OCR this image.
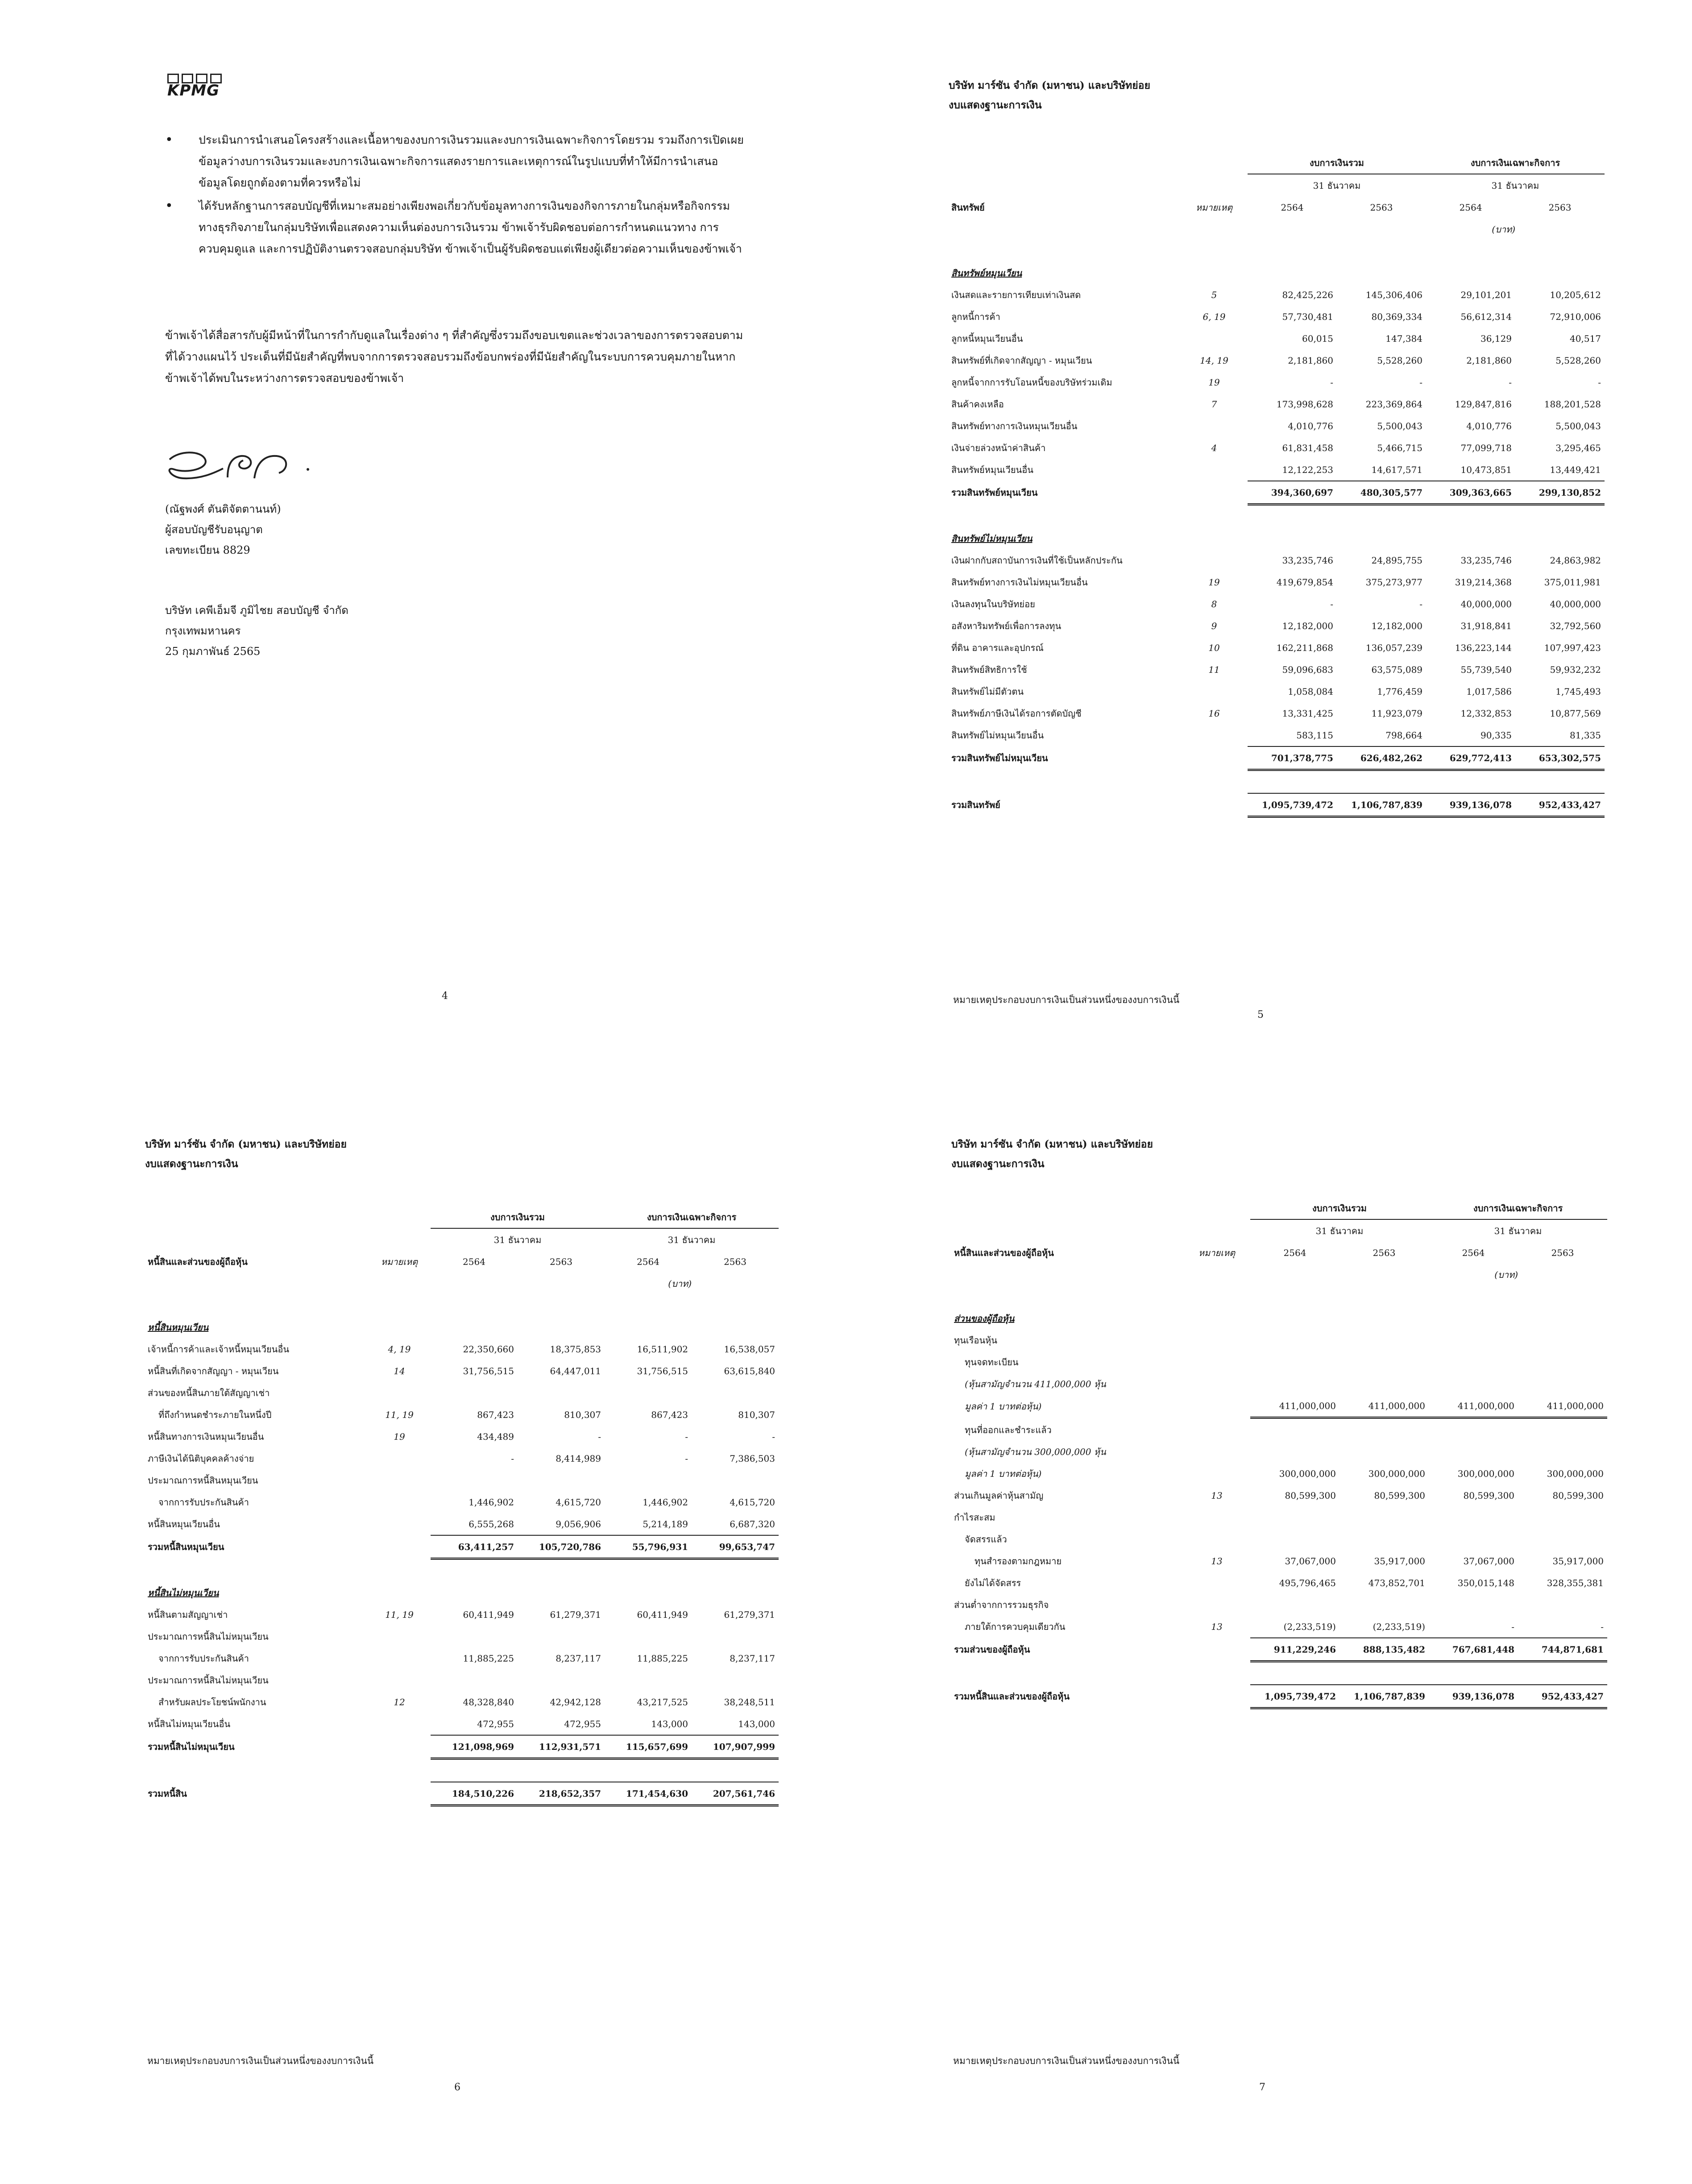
KPMG
• ประเมินการนำเสนอโครงสร้างและเนื้อหาของงบการเงินรวมและงบการเงินเฉพาะกิจการโดยรวม รวมถึงการเปิดเผยข้อมูลว่างบการเงินรวมและงบการเงินเฉพาะกิจการแสดงรายการและเหตุการณ์ในรูปแบบที่ทำให้มีการนำเสนอข้อมูลโดยถูกต้องตามที่ควรหรือไม่
• ได้รับหลักฐานการสอบบัญชีที่เหมาะสมอย่างเพียงพอเกี่ยวกับข้อมูลทางการเงินของกิจการภายในกลุ่มหรือกิจกรรมทางธุรกิจภายในกลุ่มบริษัทเพื่อแสดงความเห็นต่องบการเงินรวม ข้าพเจ้ารับผิดชอบต่อการกำหนดแนวทาง การควบคุมดูแล และการปฏิบัติงานตรวจสอบกลุ่มบริษัท ข้าพเจ้าเป็นผู้รับผิดชอบแต่เพียงผู้เดียวต่อความเห็นของข้าพเจ้า

ข้าพเจ้าได้สื่อสารกับผู้มีหน้าที่ในการกำกับดูแลในเรื่องต่าง ๆ ที่สำคัญซึ่งรวมถึงขอบเขตและช่วงเวลาของการตรวจสอบตามที่ได้วางแผนไว้ ประเด็นที่มีนัยสำคัญที่พบจากการตรวจสอบรวมถึงข้อบกพร่องที่มีนัยสำคัญในระบบการควบคุมภายในหากข้าพเจ้าได้พบในระหว่างการตรวจสอบของข้าพเจ้า

(ณัฐพงศ์ ตันติจัตตานนท์)
ผู้สอบบัญชีรับอนุญาต
เลขทะเบียน 8829
บริษัท เคพีเอ็มจี ภูมิไชย สอบบัญชี จำกัด
กรุงเทพมหานคร
25 กุมภาพันธ์ 2565
4
บริษัท มาร์ซัน จำกัด (มหาชน) และบริษัทย่อย
งบแสดงฐานะการเงิน
		งบการเงินรวม		งบการเงินเฉพาะกิจการ	
		31 ธันวาคม		31 ธันวาคม	
สินทรัพย์	หมายเหตุ	2564	2563	2564	2563
			(บาท)		

สินทรัพย์หมุนเวียน					
เงินสดและรายการเทียบเท่าเงินสด	5	82,425,226	145,306,406	29,101,201	10,205,612
ลูกหนี้การค้า	6, 19	57,730,481	80,369,334	56,612,314	72,910,006
ลูกหนี้หมุนเวียนอื่น		60,015	147,384	36,129	40,517
สินทรัพย์ที่เกิดจากสัญญา - หมุนเวียน	14, 19	2,181,860	5,528,260	2,181,860	5,528,260
ลูกหนี้จากการรับโอนหนี้ของบริษัทร่วมเดิม	19	-	-	-	-
สินค้าคงเหลือ	7	173,998,628	223,369,864	129,847,816	188,201,528
สินทรัพย์ทางการเงินหมุนเวียนอื่น		4,010,776	5,500,043	4,010,776	5,500,043
เงินจ่ายล่วงหน้าค่าสินค้า	4	61,831,458	5,466,715	77,099,718	3,295,465
สินทรัพย์หมุนเวียนอื่น		12,122,253	14,617,571	10,473,851	13,449,421
รวมสินทรัพย์หมุนเวียน		394,360,697	480,305,577	309,363,665	299,130,852

สินทรัพย์ไม่หมุนเวียน					
เงินฝากกับสถาบันการเงินที่ใช้เป็นหลักประกัน		33,235,746	24,895,755	33,235,746	24,863,982
สินทรัพย์ทางการเงินไม่หมุนเวียนอื่น	19	419,679,854	375,273,977	319,214,368	375,011,981
เงินลงทุนในบริษัทย่อย	8	-	-	40,000,000	40,000,000
อสังหาริมทรัพย์เพื่อการลงทุน	9	12,182,000	12,182,000	31,918,841	32,792,560
ที่ดิน อาคารและอุปกรณ์	10	162,211,868	136,057,239	136,223,144	107,997,423
สินทรัพย์สิทธิการใช้	11	59,096,683	63,575,089	55,739,540	59,932,232
สินทรัพย์ไม่มีตัวตน		1,058,084	1,776,459	1,017,586	1,745,493
สินทรัพย์ภาษีเงินได้รอการตัดบัญชี	16	13,331,425	11,923,079	12,332,853	10,877,569
สินทรัพย์ไม่หมุนเวียนอื่น		583,115	798,664	90,335	81,335
รวมสินทรัพย์ไม่หมุนเวียน		701,378,775	626,482,262	629,772,413	653,302,575

รวมสินทรัพย์		1,095,739,472	1,106,787,839	939,136,078	952,433,427
หมายเหตุประกอบงบการเงินเป็นส่วนหนึ่งของงบการเงินนี้
5
บริษัท มาร์ซัน จำกัด (มหาชน) และบริษัทย่อย
งบแสดงฐานะการเงิน
		งบการเงินรวม		งบการเงินเฉพาะกิจการ	
		31 ธันวาคม		31 ธันวาคม	
หนี้สินและส่วนของผู้ถือหุ้น	หมายเหตุ	2564	2563	2564	2563
			(บาท)		

หนี้สินหมุนเวียน					
เจ้าหนี้การค้าและเจ้าหนี้หมุนเวียนอื่น	4, 19	22,350,660	18,375,853	16,511,902	16,538,057
หนี้สินที่เกิดจากสัญญา - หมุนเวียน	14	31,756,515	64,447,011	31,756,515	63,615,840
ส่วนของหนี้สินภายใต้สัญญาเช่า					
ที่ถึงกำหนดชำระภายในหนึ่งปี	11, 19	867,423	810,307	867,423	810,307
หนี้สินทางการเงินหมุนเวียนอื่น	19	434,489	-	-	-
ภาษีเงินได้นิติบุคคลค้างจ่าย		-	8,414,989	-	7,386,503
ประมาณการหนี้สินหมุนเวียน					
จากการรับประกันสินค้า		1,446,902	4,615,720	1,446,902	4,615,720
หนี้สินหมุนเวียนอื่น		6,555,268	9,056,906	5,214,189	6,687,320
รวมหนี้สินหมุนเวียน		63,411,257	105,720,786	55,796,931	99,653,747

หนี้สินไม่หมุนเวียน					
หนี้สินตามสัญญาเช่า	11, 19	60,411,949	61,279,371	60,411,949	61,279,371
ประมาณการหนี้สินไม่หมุนเวียน					
จากการรับประกันสินค้า		11,885,225	8,237,117	11,885,225	8,237,117
ประมาณการหนี้สินไม่หมุนเวียน					
สำหรับผลประโยชน์พนักงาน	12	48,328,840	42,942,128	43,217,525	38,248,511
หนี้สินไม่หมุนเวียนอื่น		472,955	472,955	143,000	143,000
รวมหนี้สินไม่หมุนเวียน		121,098,969	112,931,571	115,657,699	107,907,999

รวมหนี้สิน		184,510,226	218,652,357	171,454,630	207,561,746
หมายเหตุประกอบงบการเงินเป็นส่วนหนึ่งของงบการเงินนี้
6
บริษัท มาร์ซัน จำกัด (มหาชน) และบริษัทย่อย
งบแสดงฐานะการเงิน
		งบการเงินรวม		งบการเงินเฉพาะกิจการ	
		31 ธันวาคม		31 ธันวาคม	
หนี้สินและส่วนของผู้ถือหุ้น	หมายเหตุ	2564	2563	2564	2563
			(บาท)		

ส่วนของผู้ถือหุ้น					
ทุนเรือนหุ้น					
ทุนจดทะเบียน					
(หุ้นสามัญจำนวน 411,000,000 หุ้น					
มูลค่า 1 บาทต่อหุ้น)		411,000,000	411,000,000	411,000,000	411,000,000
ทุนที่ออกและชำระแล้ว					
(หุ้นสามัญจำนวน 300,000,000 หุ้น					
มูลค่า 1 บาทต่อหุ้น)		300,000,000	300,000,000	300,000,000	300,000,000
ส่วนเกินมูลค่าหุ้นสามัญ	13	80,599,300	80,599,300	80,599,300	80,599,300
กำไรสะสม					
จัดสรรแล้ว					
ทุนสำรองตามกฎหมาย	13	37,067,000	35,917,000	37,067,000	35,917,000
ยังไม่ได้จัดสรร		495,796,465	473,852,701	350,015,148	328,355,381
ส่วนต่ำจากการรวมธุรกิจ					
ภายใต้การควบคุมเดียวกัน	13	(2,233,519)	(2,233,519)	-	-
รวมส่วนของผู้ถือหุ้น		911,229,246	888,135,482	767,681,448	744,871,681

รวมหนี้สินและส่วนของผู้ถือหุ้น		1,095,739,472	1,106,787,839	939,136,078	952,433,427
หมายเหตุประกอบงบการเงินเป็นส่วนหนึ่งของงบการเงินนี้
7
